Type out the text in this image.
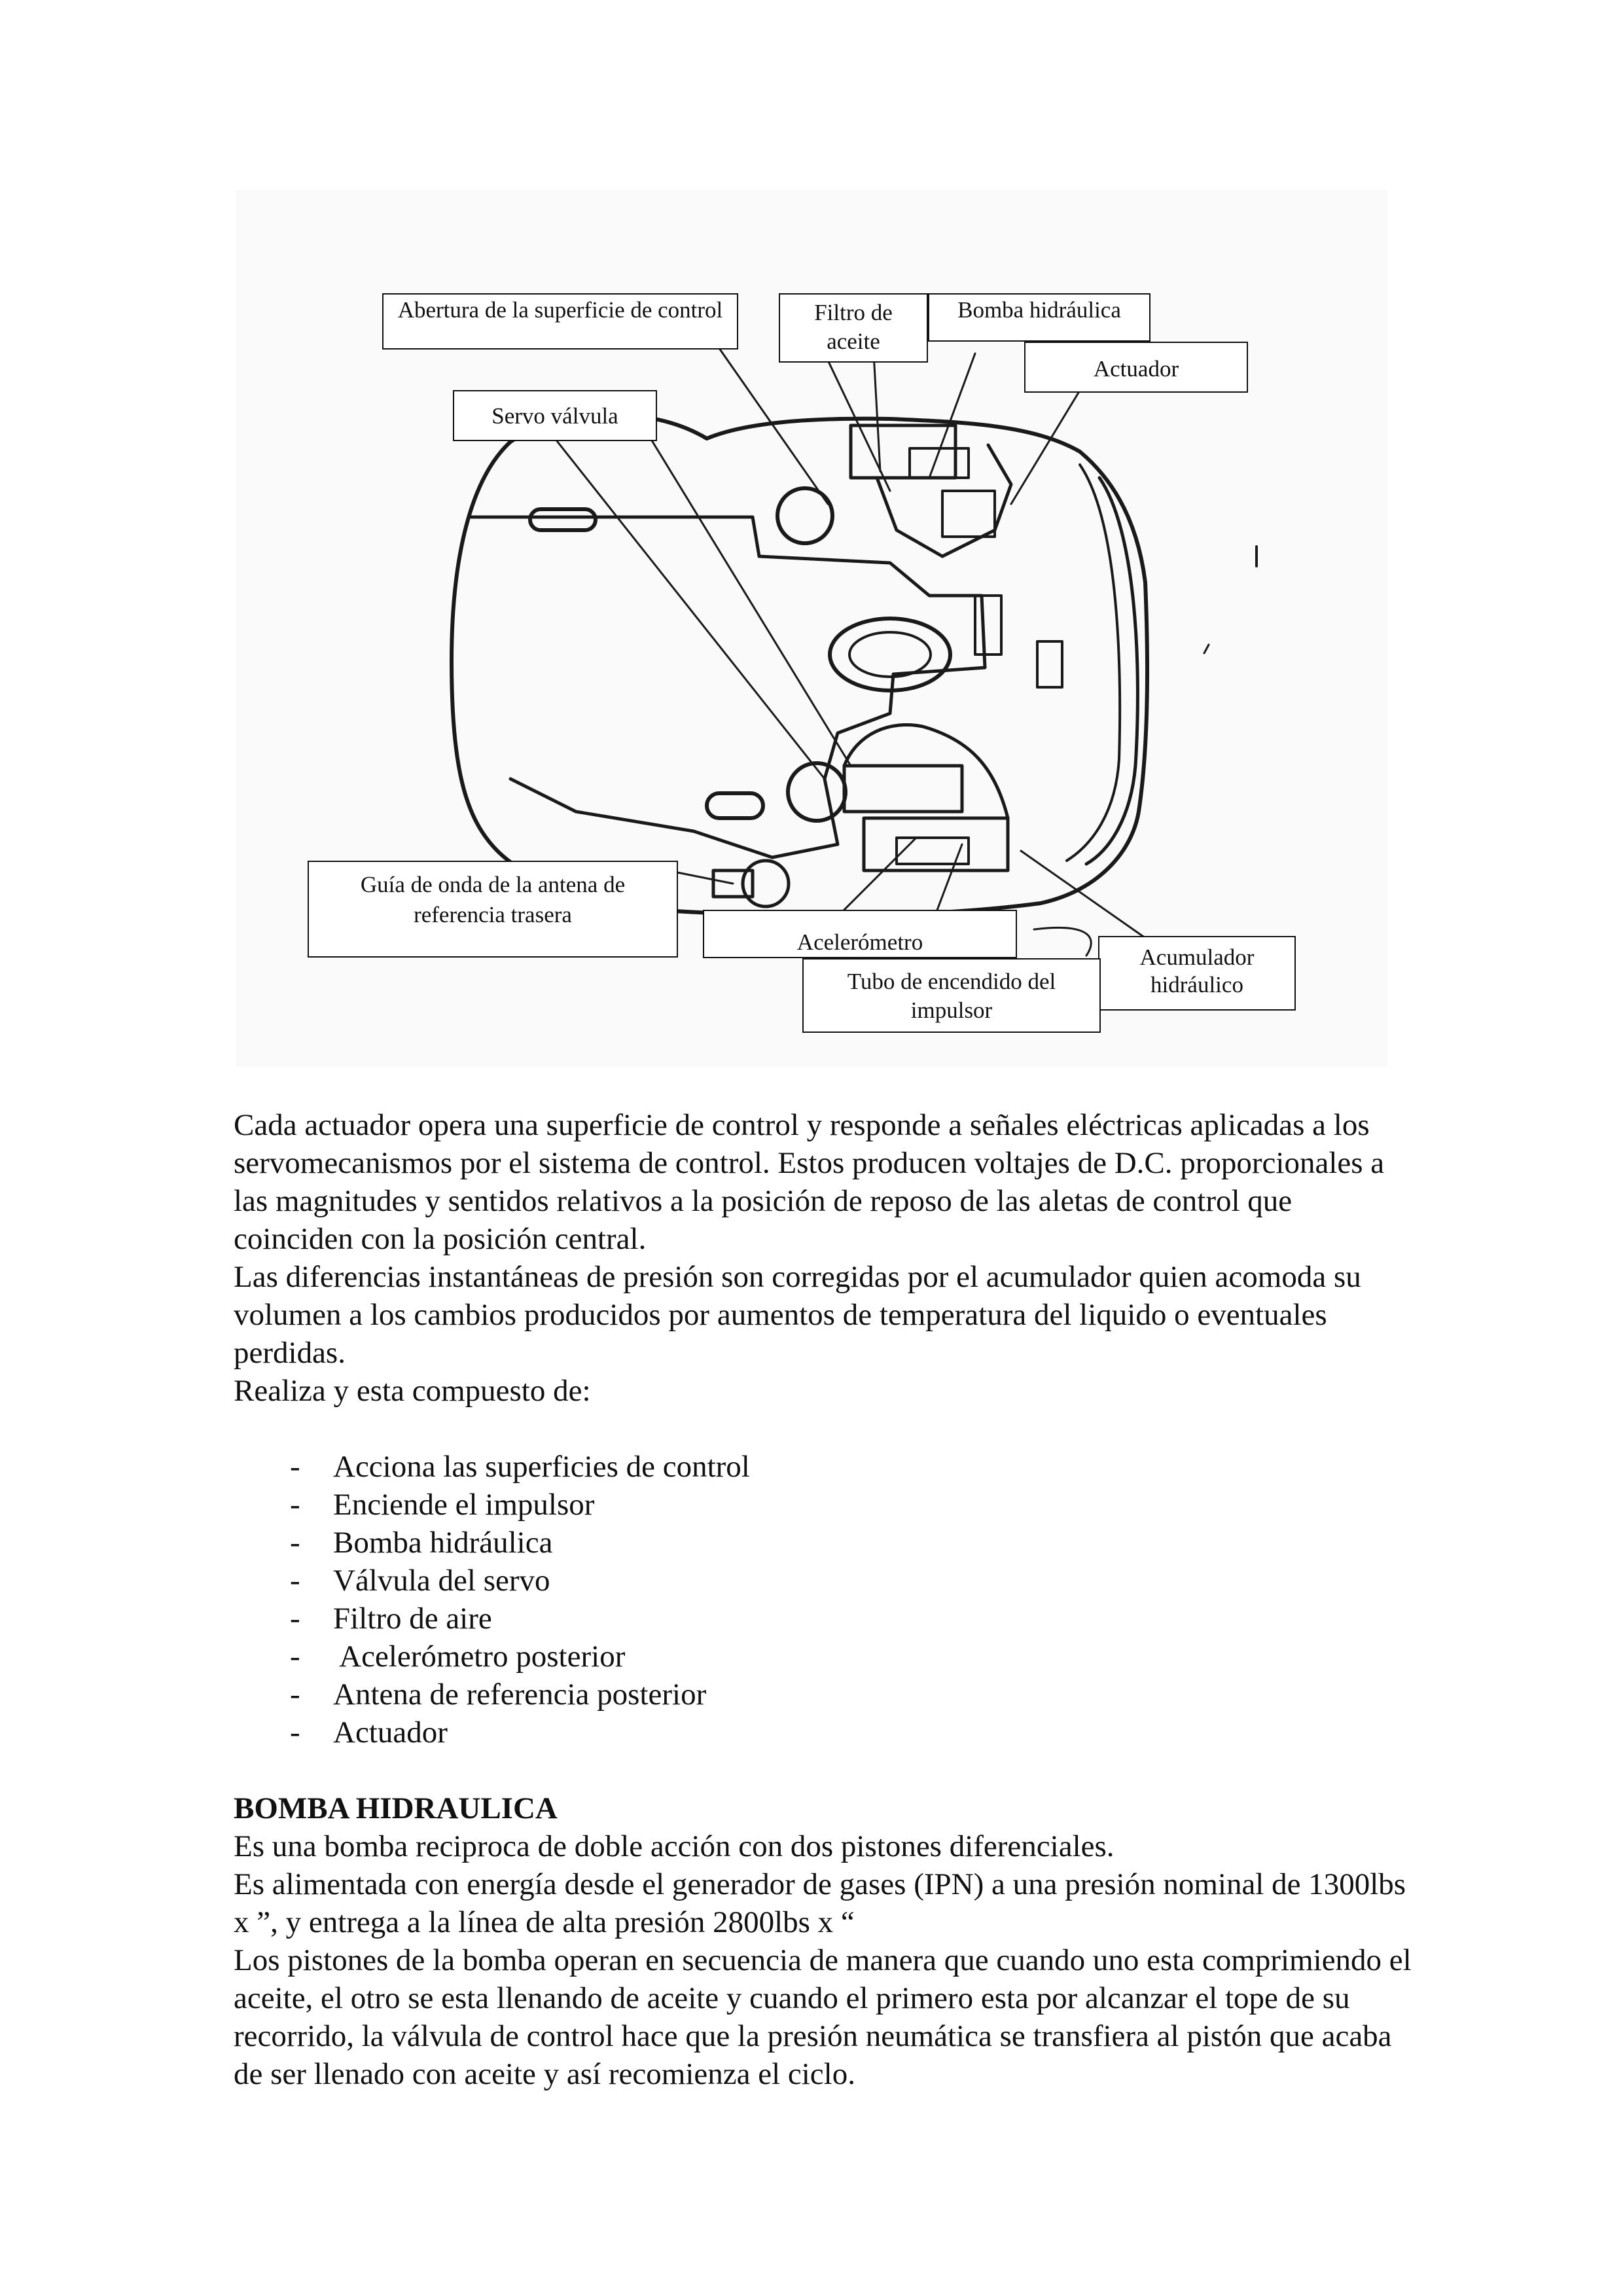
Abertura de la superficie de control	Filtro de aceite
Bomba hidráulica
Actuador
Servo válvula
Guía de onda de la antena de referencia trasera
Acelerómetro
Acumulador hidráulico
Tubo de encendido del impulsor

Cada actuador opera una superficie de control y responde a señales eléctricas aplicadas a los servomecanismos por el sistema de control. Estos producen voltajes de D.C. proporcionales a las magnitudes y sentidos relativos a la posición de reposo de las aletas de control que coinciden con la posición central.

Las diferencias instantáneas de presión son corregidas por el acumulador quien acomoda su volumen a los cambios producidos por aumentos de temperatura del liquido o eventuales perdidas.

Realiza y esta compuesto de:

- Acciona las superficies de control
- Enciende el impulsor
- Bomba hidráulica
- Válvula del servo
- Filtro de aire
- Acelerómetro posterior
- Antena de referencia posterior
- Actuador

BOMBA HIDRAULICA

Es una bomba reciproca de doble acción con dos pistones diferenciales.

Es alimentada con energía desde el generador de gases (IPN) a una presión nominal de 1300lbs x ”, y entrega a la línea de alta presión 2800lbs x “

Los pistones de la bomba operan en secuencia de manera que cuando uno esta comprimiendo el aceite, el otro se esta llenando de aceite y cuando el primero esta por alcanzar el tope de su recorrido, la válvula de control hace que la presión neumática se transfiera al pistón que acaba de ser llenado con aceite y así recomienza el ciclo.
